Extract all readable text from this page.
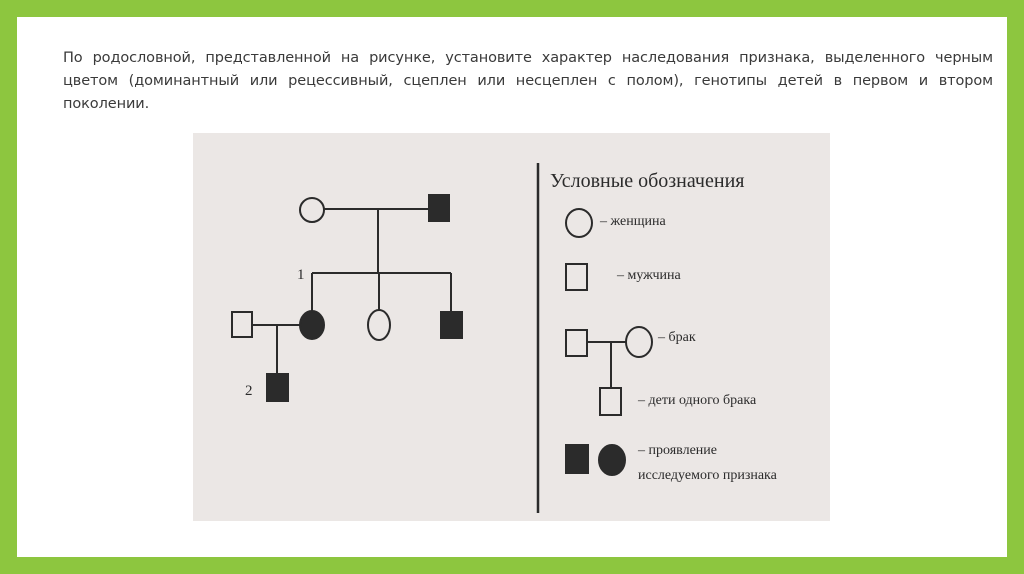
По родословной, представленной на рисунке, установите характер наследования признака, выделенного черным цветом (доминантный или рецессивный, сцеплен или несцеплен с полом), генотипы детей в первом и втором поколении.

1
2
Условные обозначения
– женщина
– мужчина
– брак
– дети одного брака
– проявление
исследуемого признака
